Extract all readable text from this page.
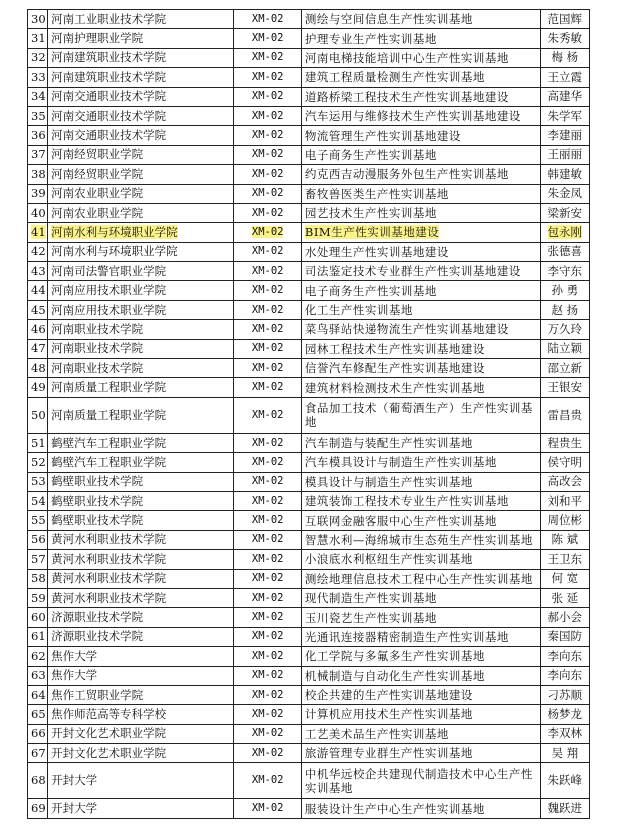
30	河南工业职业技术学院	XM-02	测绘与空间信息生产性实训基地	范国辉
31	河南护理职业学院	XM-02	护理专业生产性实训基地	朱秀敏
32	河南建筑职业技术学院	XM-02	河南电梯技能培训中心生产性实训基地	梅 杨
33	河南建筑职业技术学院	XM-02	建筑工程质量检测生产性实训基地	王立霞
34	河南交通职业技术学院	XM-02	道路桥梁工程技术生产性实训基地建设	高建华
35	河南交通职业技术学院	XM-02	汽车运用与维修技术生产性实训基地建设	朱学军
36	河南交通职业技术学院	XM-02	物流管理生产性实训基地建设	李建丽
37	河南经贸职业学院	XM-02	电子商务生产性实训基地	王丽丽
38	河南经贸职业学院	XM-02	约克西吉动漫服务外包生产性实训基地	韩建敏
39	河南农业职业学院	XM-02	畜牧兽医类生产性实训基地	朱金凤
40	河南农业职业学院	XM-02	园艺技术生产性实训基地	梁新安
41	河南水利与环境职业学院	XM-02	BIM生产性实训基地建设	包永刚
42	河南水利与环境职业学院	XM-02	水处理生产性实训基地建设	张德喜
43	河南司法警官职业学院	XM-02	司法鉴定技术专业群生产性实训基地建设	李守东
44	河南应用技术职业学院	XM-02	电子商务生产性实训基地	孙 勇
45	河南应用技术职业学院	XM-02	化工生产性实训基地	赵 扬
46	河南职业技术学院	XM-02	菜鸟驿站快递物流生产性实训基地建设	万久玲
47	河南职业技术学院	XM-02	园林工程技术生产性实训基地建设	陆立颖
48	河南职业技术学院	XM-02	信誉汽车修配生产性实训基地建设	邵立新
49	河南质量工程职业学院	XM-02	建筑材料检测技术生产性实训基地	王银安
50	河南质量工程职业学院	XM-02	食品加工技术（葡萄酒生产）生产性实训基地	雷昌贵
51	鹤壁汽车工程职业学院	XM-02	汽车制造与装配生产性实训基地	程贵生
52	鹤壁汽车工程职业学院	XM-02	汽车模具设计与制造生产性实训基地	侯守明
53	鹤壁职业技术学院	XM-02	模具设计与制造生产性实训基地	高改会
54	鹤壁职业技术学院	XM-02	建筑装饰工程技术专业生产性实训基地	刘和平
55	鹤壁职业技术学院	XM-02	互联网金融客服中心生产性实训基地	周位彬
56	黄河水利职业技术学院	XM-02	智慧水利—海绵城市生态苑生产性实训基地	陈 斌
57	黄河水利职业技术学院	XM-02	小浪底水利枢纽生产性实训基地	王卫东
58	黄河水利职业技术学院	XM-02	测绘地理信息技术工程中心生产性实训基地	何 宽
59	黄河水利职业技术学院	XM-02	现代制造生产性实训基地	张 延
60	济源职业技术学院	XM-02	玉川瓷艺生产性实训基地	郝小会
61	济源职业技术学院	XM-02	光通讯连接器精密制造生产性实训基地	秦国防
62	焦作大学	XM-02	化工学院与多氟多生产性实训基地	李向东
63	焦作大学	XM-02	机械制造与自动化生产性实训基地	李向东
64	焦作工贸职业学院	XM-02	校企共建的生产性实训基地建设	刁苏顺
65	焦作师范高等专科学校	XM-02	计算机应用技术生产性实训基地	杨梦龙
66	开封文化艺术职业学院	XM-02	工艺美术品生产性实训基地	李双林
67	开封文化艺术职业学院	XM-02	旅游管理专业群生产性实训基地	吴 翔
68	开封大学	XM-02	中机华远校企共建现代制造技术中心生产性实训基地	朱跃峰
69	开封大学	XM-02	服装设计生产中心生产性实训基地	魏跃进
